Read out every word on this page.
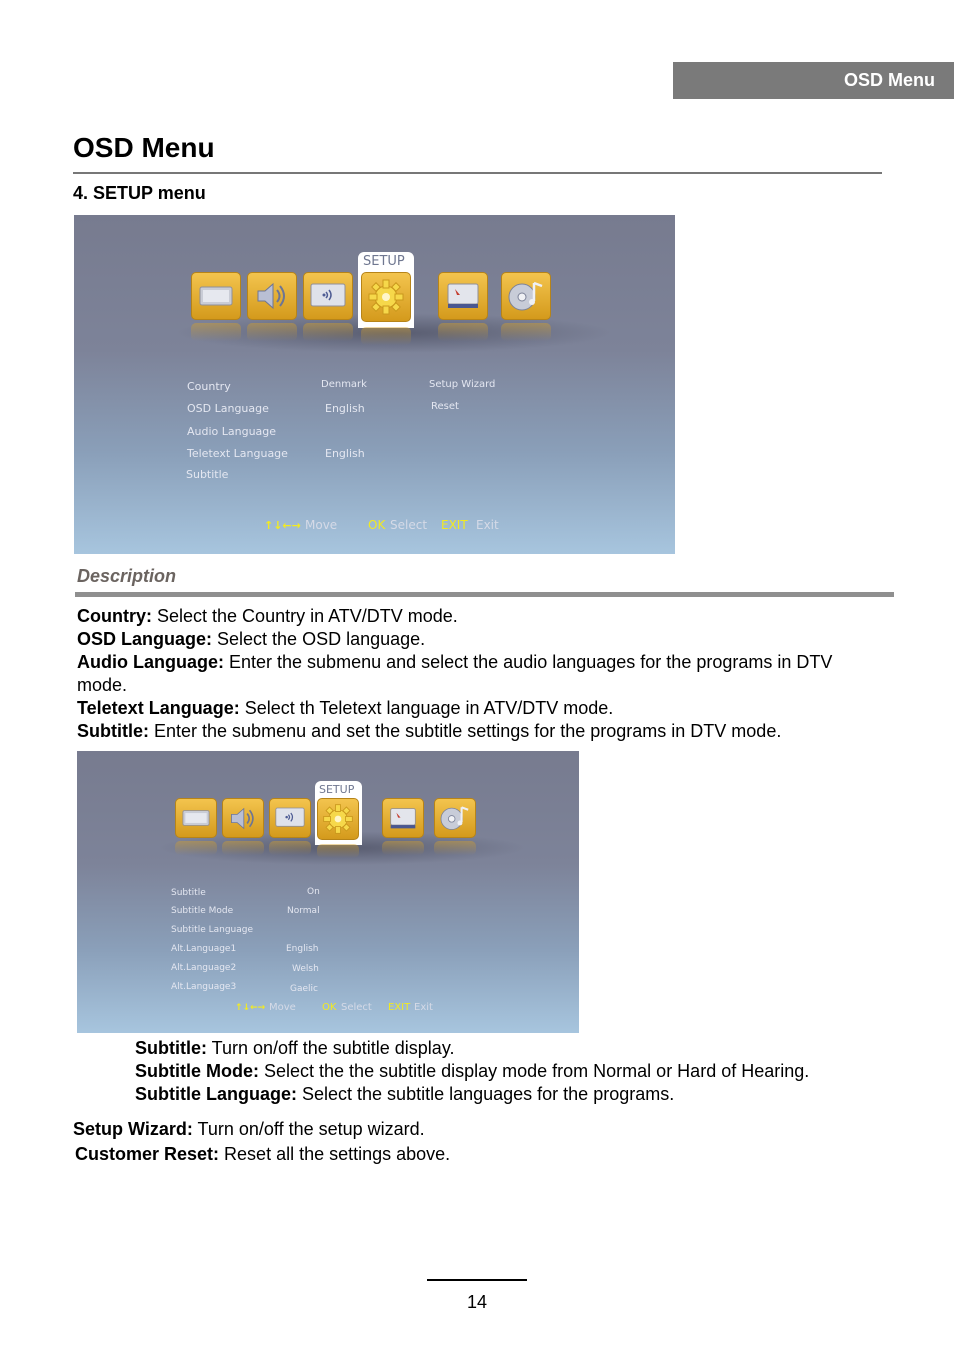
OSD Menu
OSD Menu
4. SETUP menu
SETUP
Country	Denmark
OSD Language	English
Audio Language
Teletext Language	English
Subtitle
Setup Wizard
Reset
↑↓←→ Move	OK Select EXIT Exit
Description
Country: Select the Country in ATV/DTV mode.
OSD Language: Select the OSD language.
Audio Language: Enter the submenu and select the audio languages for the programs in DTV
mode.
Teletext Language: Select th Teletext language in ATV/DTV mode.
Subtitle: Enter the submenu and set the subtitle settings for the programs in DTV mode.
SETUP
Subtitle	On
Subtitle Mode	Normal
Subtitle Language
Alt.Language1	English
Alt.Language2	Welsh
Alt.Language3	Gaelic
↑↓←→ Move	OK Select EXIT Exit
Subtitle: Turn on/off the subtitle display.
Subtitle Mode: Select the the subtitle display mode from Normal or Hard of Hearing.
Subtitle Language: Select the subtitle languages for the programs.
Setup Wizard: Turn on/off the setup wizard.
Customer Reset: Reset all the settings above.
14
